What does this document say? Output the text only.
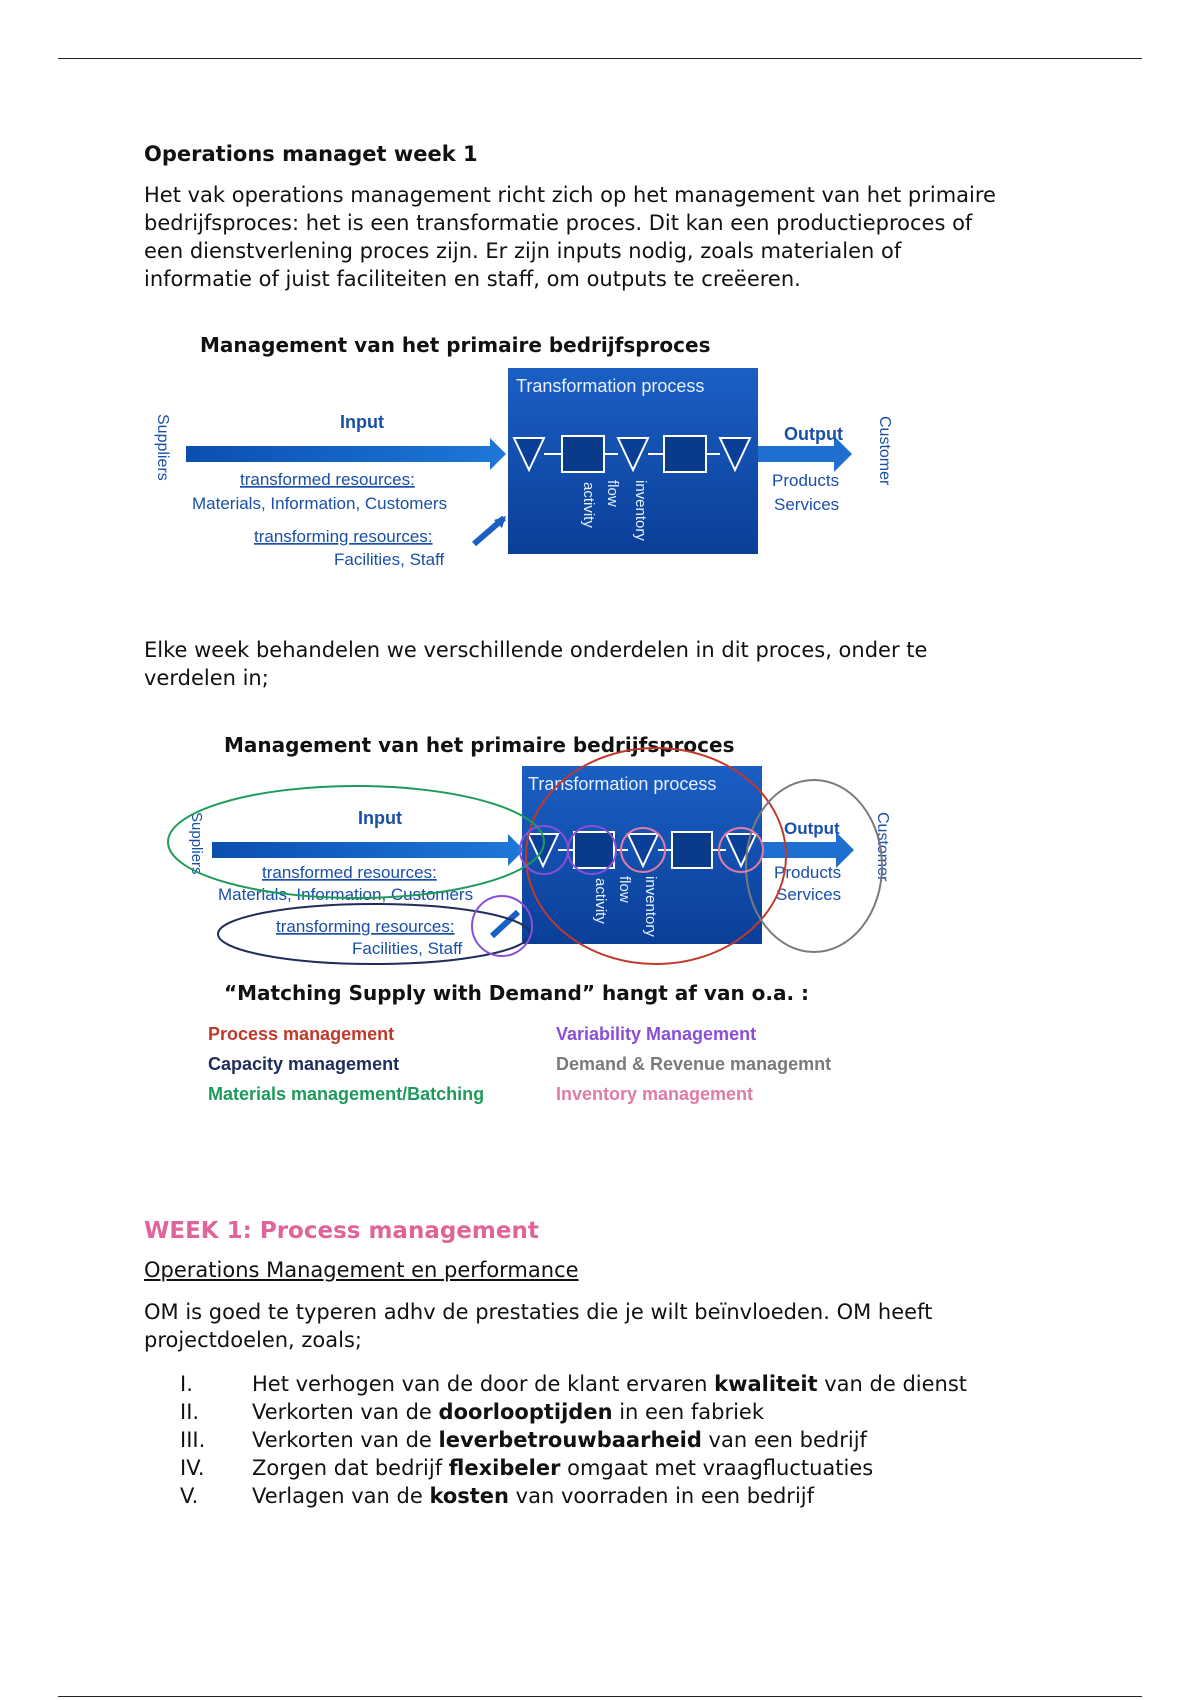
Operations managet week 1
Het vak operations management richt zich op het management van het primaire
bedrijfsproces: het is een transformatie proces. Dit kan een productieproces of
een dienstverlening proces zijn. Er zijn inputs nodig, zoals materialen of
informatie of juist faciliteiten en staff, om outputs te creëeren.
Management van het primaire bedrijfsproces
Transformation process
Suppliers	Input
transformed resources:
Materials, Information, Customers
transforming resources:
Facilities, Staff
activity flow inventory
Output
Products
Services
Customer
Elke week behandelen we verschillende onderdelen in dit proces, onder te
verdelen in;
Management van het primaire bedrijfsproces
Transformation process
Suppliers	Input
transformed resources:
Materials, Information, Customers
transforming resources:
Facilities, Staff
activity flow inventory
Output
Products
Services
Customer
“Matching Supply with Demand” hangt af van o.a. :
Process management
Capacity management
Materials management/Batching
Variability Management
Demand & Revenue managemnt
Inventory management
WEEK 1: Process management
Operations Management en performance
OM is goed te typeren adhv de prestaties die je wilt beïnvloeden. OM heeft
projectdoelen, zoals;
I.	Het verhogen van de door de klant ervaren kwaliteit van de dienst
II.	Verkorten van de doorlooptijden in een fabriek
III.	Verkorten van de leverbetrouwbaarheid van een bedrijf
IV.	Zorgen dat bedrijf flexibeler omgaat met vraagfluctuaties
V.	Verlagen van de kosten van voorraden in een bedrijf
